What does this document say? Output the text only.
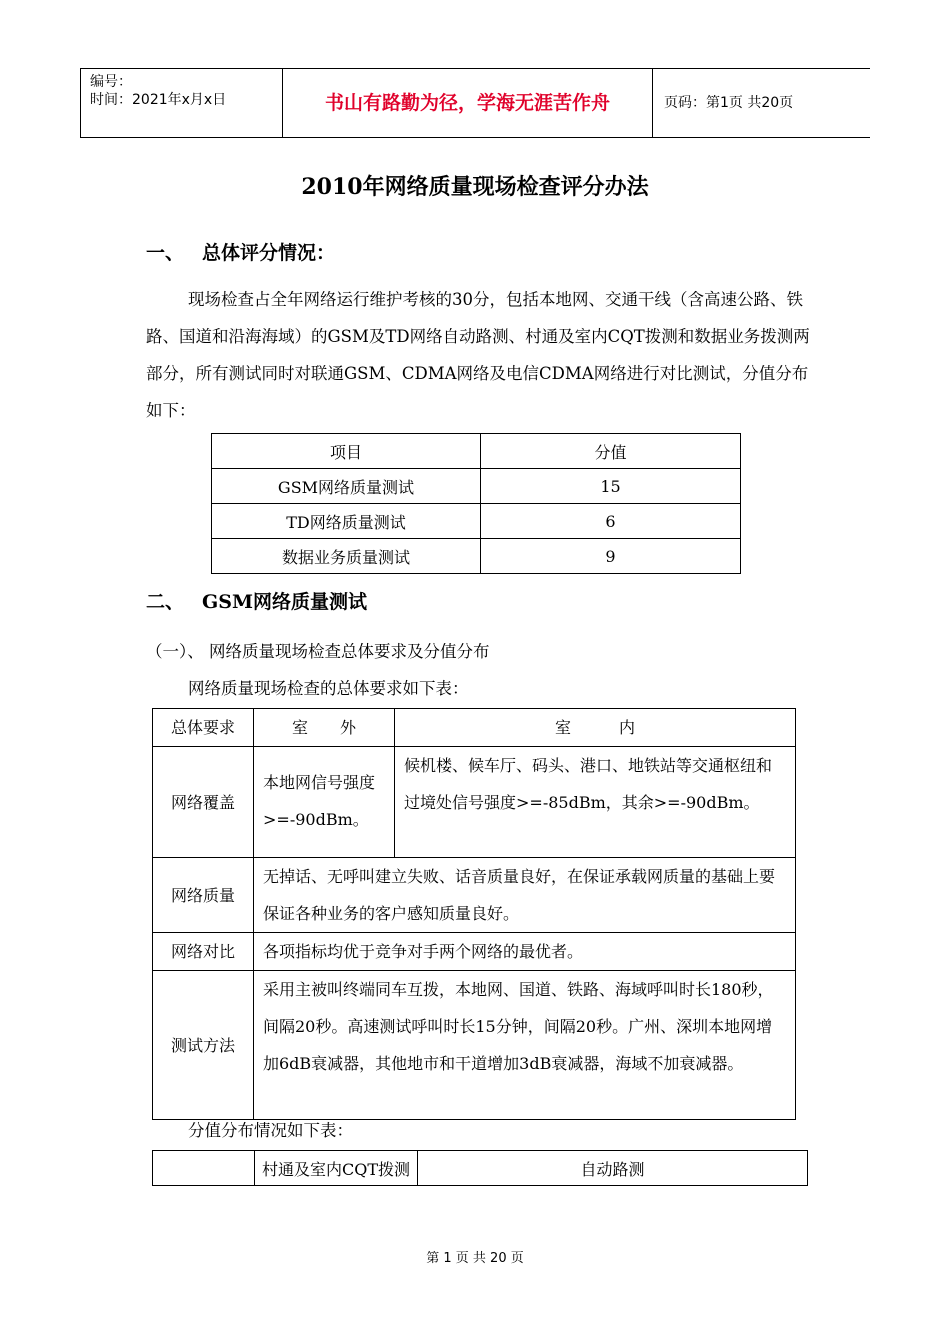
编号：
时间：2021年x月x日	书山有路勤为径，学海无涯苦作舟	页码：第1页 共20页
2010年网络质量现场检查评分办法
一、 总体评分情况：
现场检查占全年网络运行维护考核的30分，包括本地网、交通干线（含高速公路、铁路、国道和沿海海域）的GSM及TD网络自动路测、村通及室内CQT拨测和数据业务拨测两部分，所有测试同时对联通GSM、CDMA网络及电信CDMA网络进行对比测试，分值分布如下：
项目	分值
GSM网络质量测试	15
TD网络质量测试	6
数据业务质量测试	9
二、 GSM网络质量测试
（一）、 网络质量现场检查总体要求及分值分布
网络质量现场检查的总体要求如下表：
总体要求	室　　外	室　　　内
网络覆盖	本地网信号强度>=-90dBm。	候机楼、候车厅、码头、港口、地铁站等交通枢纽和过境处信号强度>=-85dBm，其余>=-90dBm。
网络质量	无掉话、无呼叫建立失败、话音质量良好，在保证承载网质量的基础上要保证各种业务的客户感知质量良好。	
网络对比	各项指标均优于竞争对手两个网络的最优者。	
测试方法	采用主被叫终端同车互拨，本地网、国道、铁路、海域呼叫时长180秒，间隔20秒。高速测试呼叫时长15分钟，间隔20秒。广州、深圳本地网增加6dB衰减器，其他地市和干道增加3dB衰减器，海域不加衰减器。	
分值分布情况如下表：
	村通及室内CQT拨测	自动路测
第 1 页 共 20 页
